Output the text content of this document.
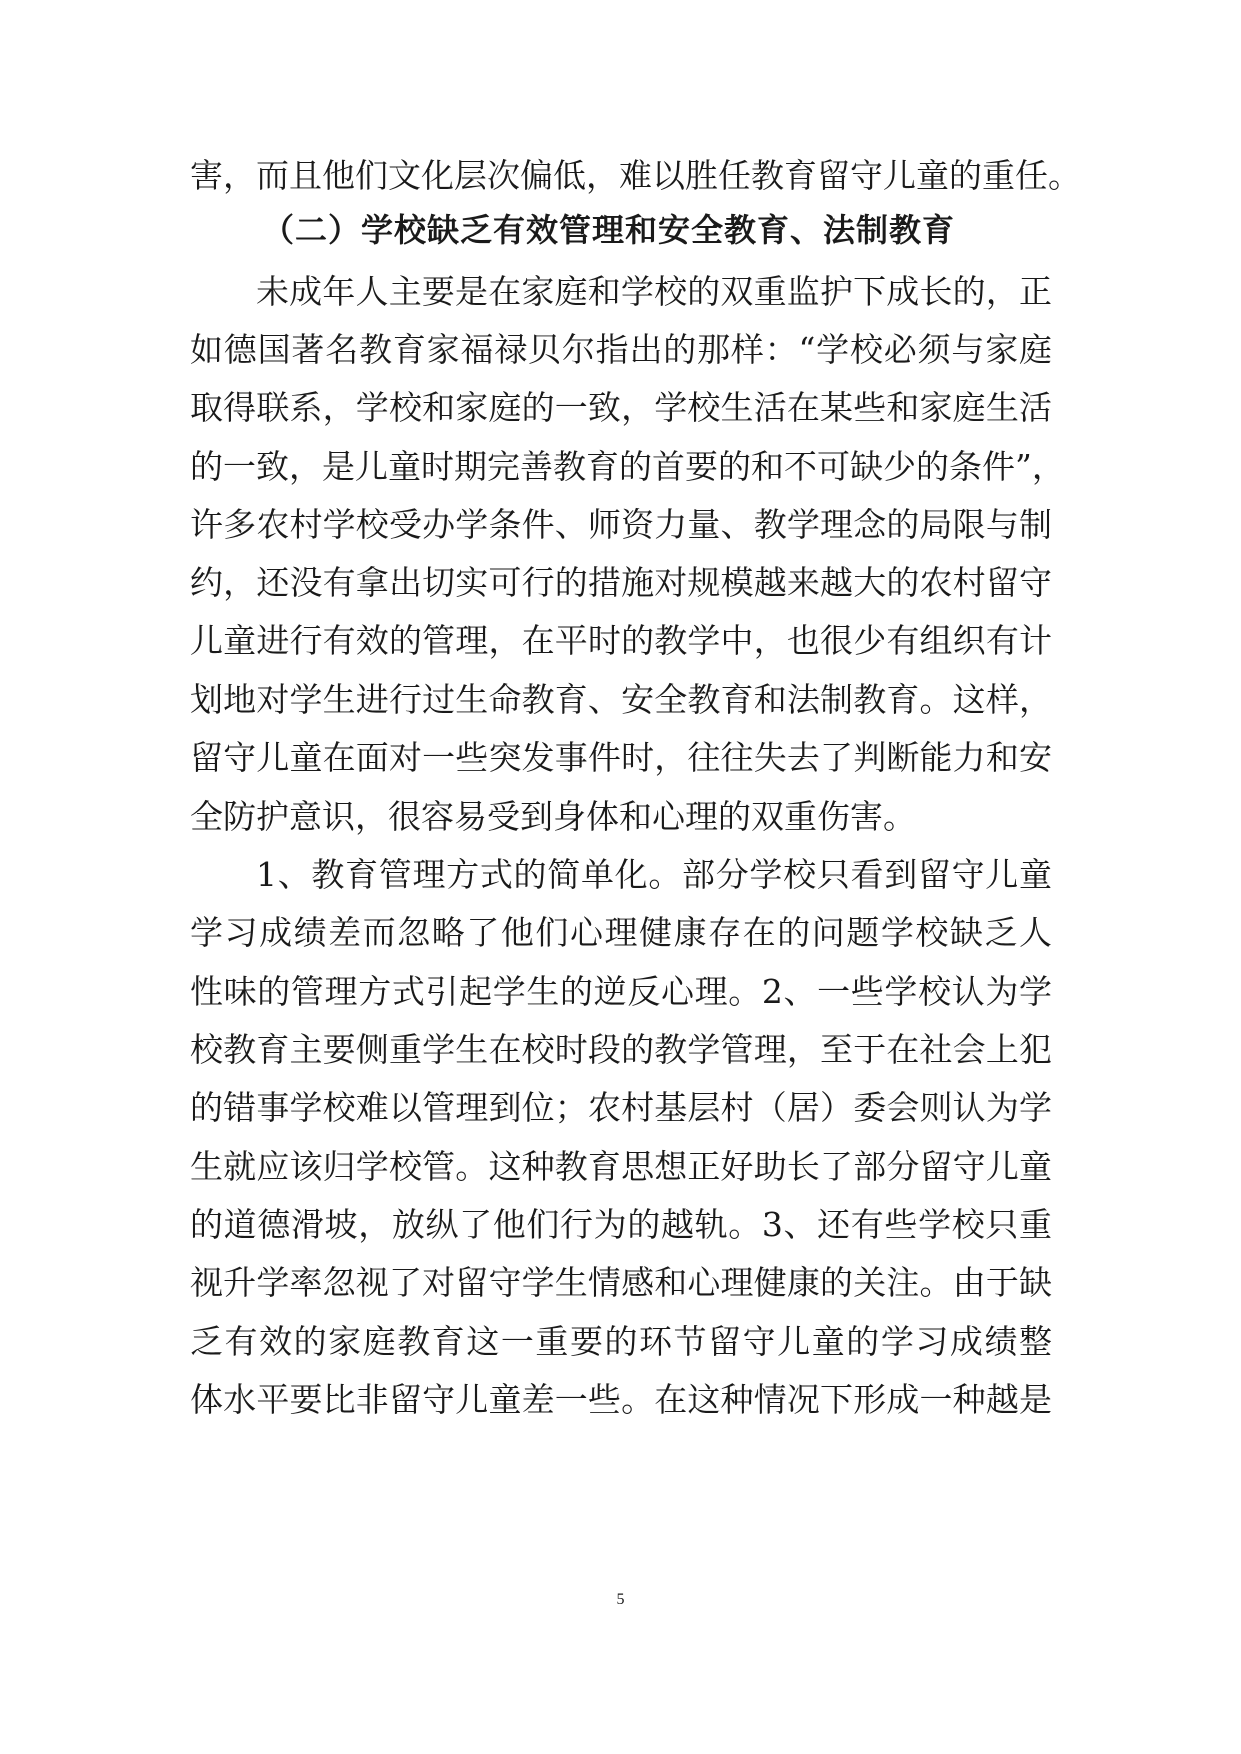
害，而且他们文化层次偏低，难以胜任教育留守儿童的重任。
（二）学校缺乏有效管理和安全教育、法制教育
未成年人主要是在家庭和学校的双重监护下成长的，正
如德国著名教育家福禄贝尔指出的那样：“学校必须与家庭
取得联系，学校和家庭的一致，学校生活在某些和家庭生活
的一致，是儿童时期完善教育的首要的和不可缺少的条件”，
许多农村学校受办学条件、师资力量、教学理念的局限与制
约，还没有拿出切实可行的措施对规模越来越大的农村留守
儿童进行有效的管理，在平时的教学中，也很少有组织有计
划地对学生进行过生命教育、安全教育和法制教育。这样，
留守儿童在面对一些突发事件时，往往失去了判断能力和安
全防护意识，很容易受到身体和心理的双重伤害。
1、教育管理方式的简单化。部分学校只看到留守儿童
学习成绩差而忽略了他们心理健康存在的问题学校缺乏人
性味的管理方式引起学生的逆反心理。2、一些学校认为学
校教育主要侧重学生在校时段的教学管理，至于在社会上犯
的错事学校难以管理到位；农村基层村（居）委会则认为学
生就应该归学校管。这种教育思想正好助长了部分留守儿童
的道德滑坡，放纵了他们行为的越轨。3、还有些学校只重
视升学率忽视了对留守学生情感和心理健康的关注。由于缺
乏有效的家庭教育这一重要的环节留守儿童的学习成绩整
体水平要比非留守儿童差一些。在这种情况下形成一种越是
5
